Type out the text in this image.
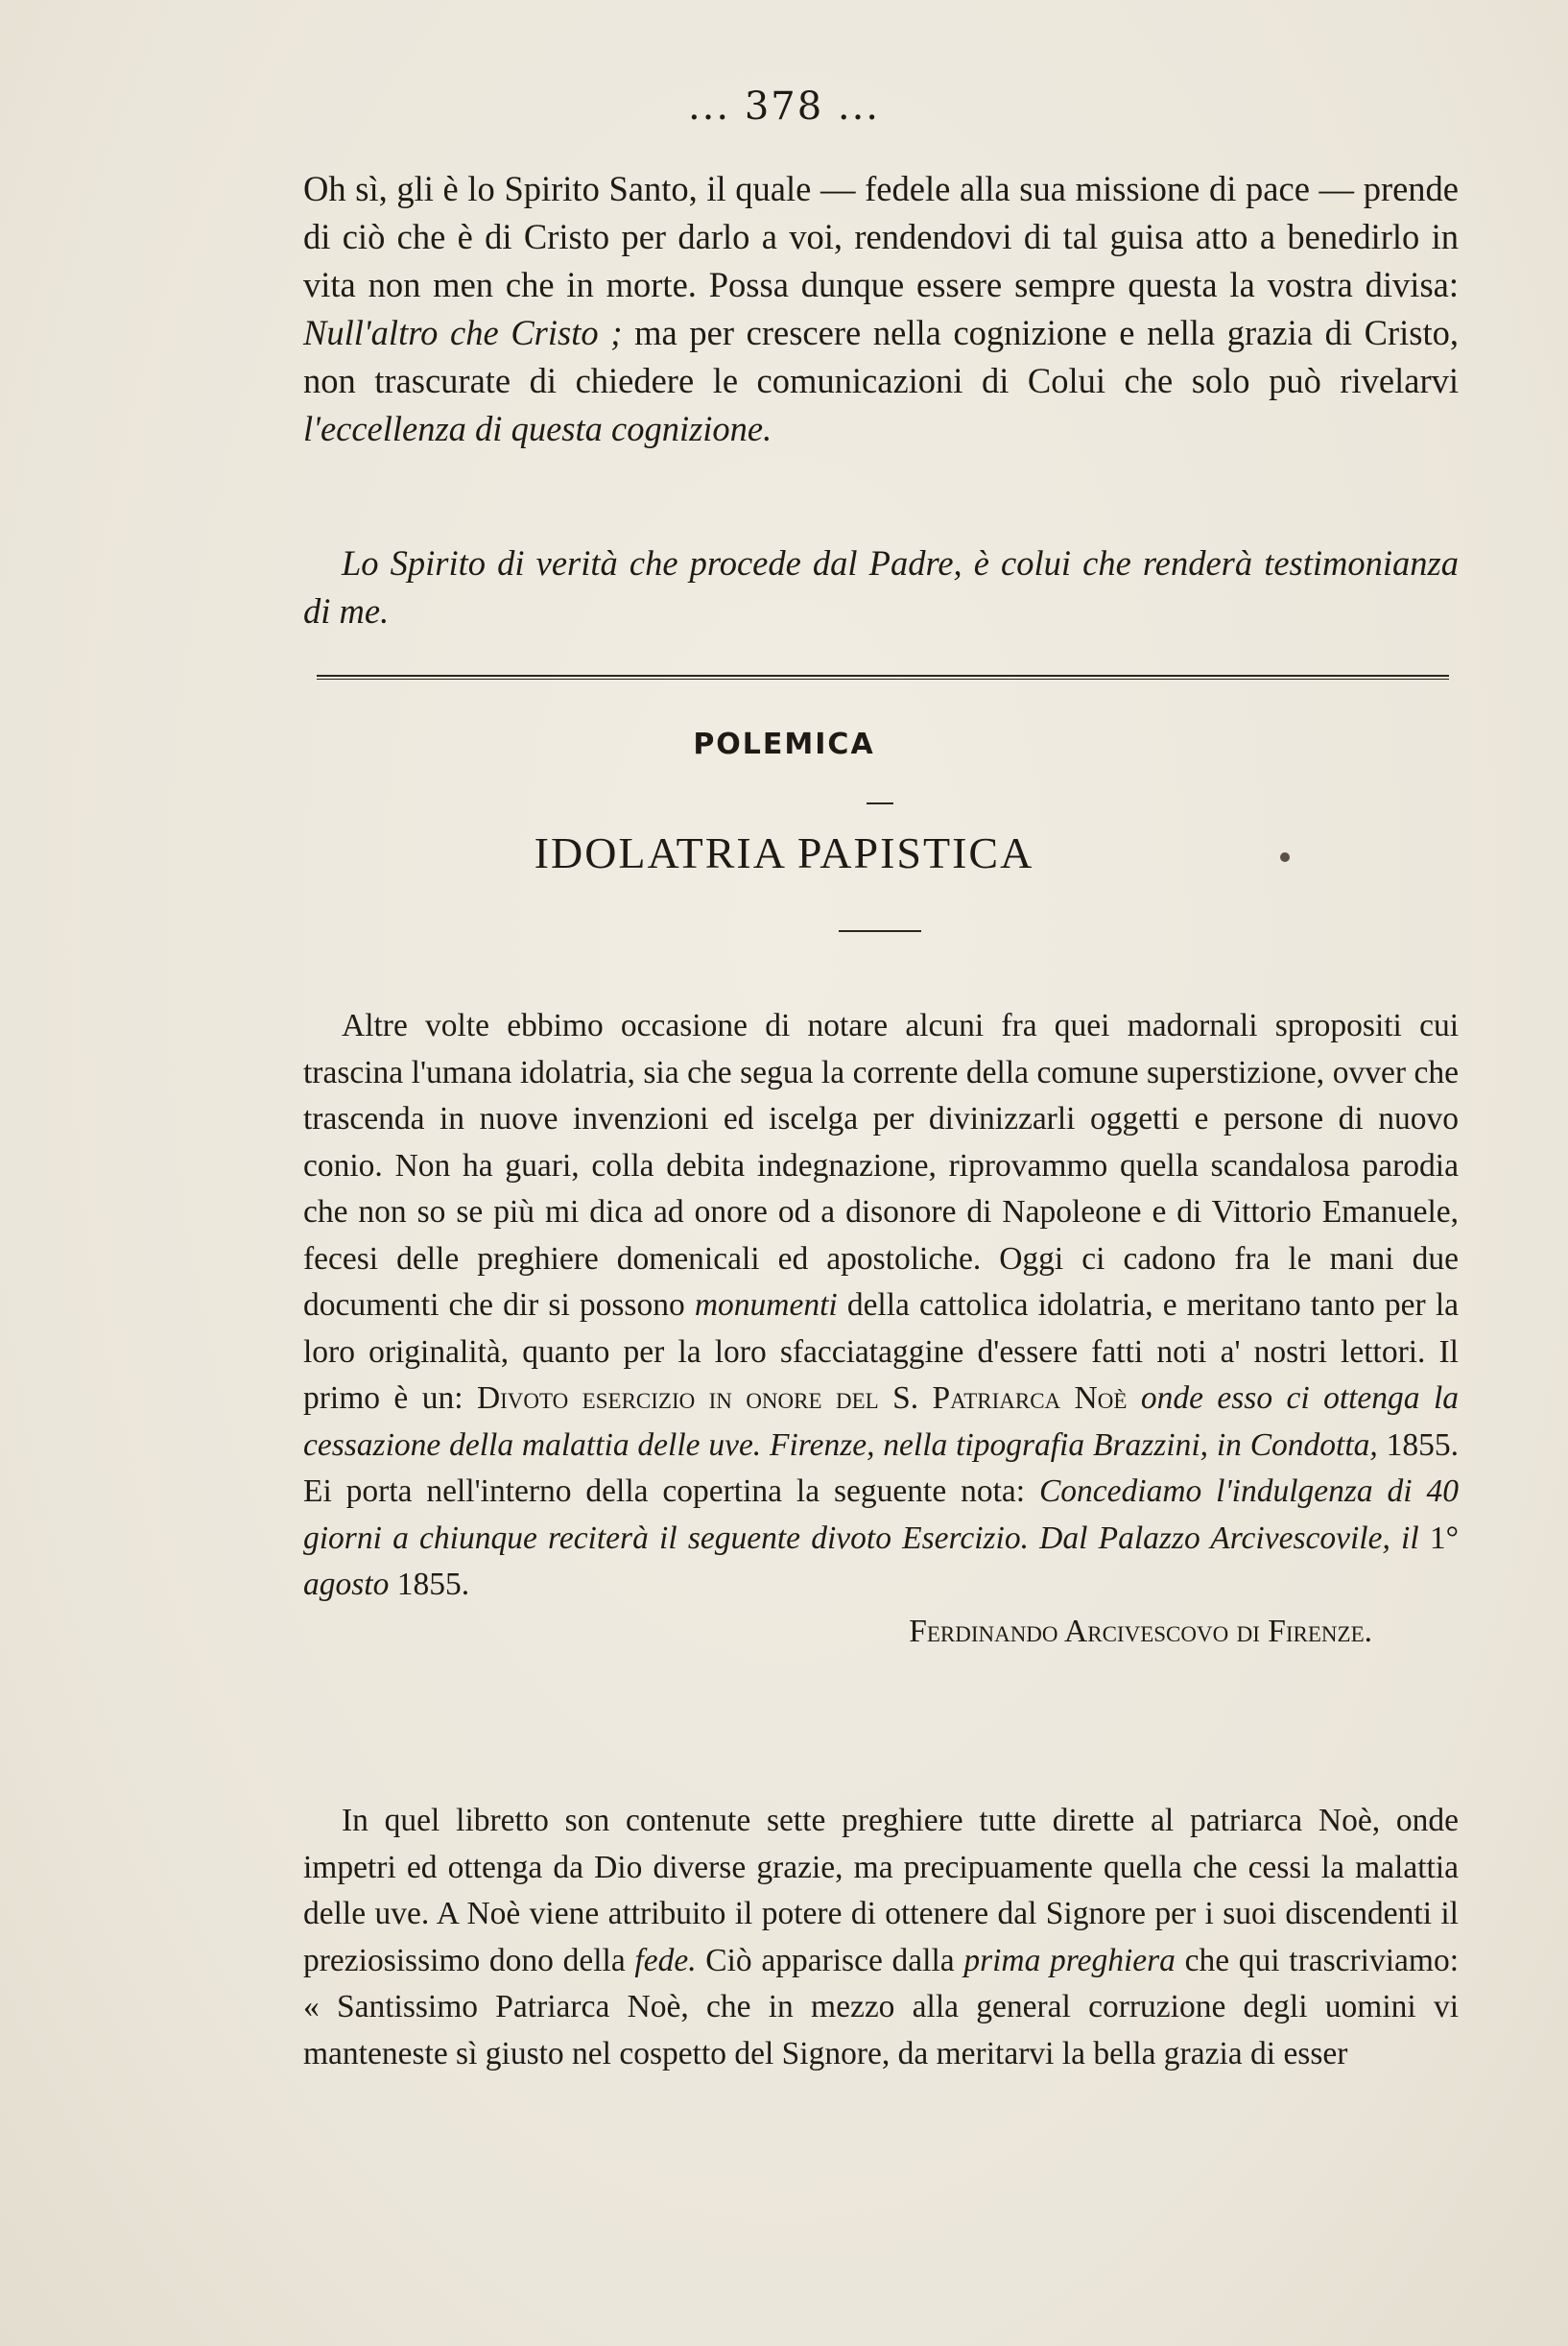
... 378 ...

Oh sì, gli è lo Spirito Santo, il quale — fedele alla sua missione di pace — prende di ciò che è di Cristo per darlo a voi, rendendovi di tal guisa atto a benedirlo in vita non men che in morte. Possa dunque essere sempre questa la vostra divisa: Null'altro che Cristo ; ma per crescere nella cognizione e nella grazia di Cristo, non trascurate di chiedere le comunicazioni di Colui che solo può rivelarvi l'eccellenza di questa cognizione.

Lo Spirito di verità che procede dal Padre, è colui che renderà testimonianza di me.

POLEMICA
IDOLATRIA PAPISTICA

Altre volte ebbimo occasione di notare alcuni fra quei madornali spropositi cui trascina l'umana idolatria, sia che segua la corrente della comune superstizione, ovver che trascenda in nuove invenzioni ed iscelga per divinizzarli oggetti e persone di nuovo conio. Non ha guari, colla debita indegnazione, riprovammo quella scandalosa parodia che non so se più mi dica ad onore od a disonore di Napoleone e di Vittorio Emanuele, fecesi delle preghiere domenicali ed apostoliche. Oggi ci cadono fra le mani due documenti che dir si possono monumenti della cattolica idolatria, e meritano tanto per la loro originalità, quanto per la loro sfacciataggine d'essere fatti noti a' nostri lettori. Il primo è un: Divoto esercizio in onore del S. Patriarca Noè onde esso ci ottenga la cessazione della malattia delle uve. Firenze, nella tipografia Brazzini, in Condotta, 1855. Ei porta nell'interno della copertina la seguente nota: Concediamo l'indulgenza di 40 giorni a chiunque reciterà il seguente divoto Esercizio. Dal Palazzo Arcivescovile, il 1° agosto 1855.

Ferdinando Arcivescovo di Firenze.

In quel libretto son contenute sette preghiere tutte dirette al patriarca Noè, onde impetri ed ottenga da Dio diverse grazie, ma precipuamente quella che cessi la malattia delle uve. A Noè viene attribuito il potere di ottenere dal Signore per i suoi discendenti il preziosissimo dono della fede. Ciò apparisce dalla prima preghiera che qui trascriviamo: « Santissimo Patriarca Noè, che in mezzo alla general corruzione degli uomini vi manteneste sì giusto nel cospetto del Signore, da meritarvi la bella grazia di esser
